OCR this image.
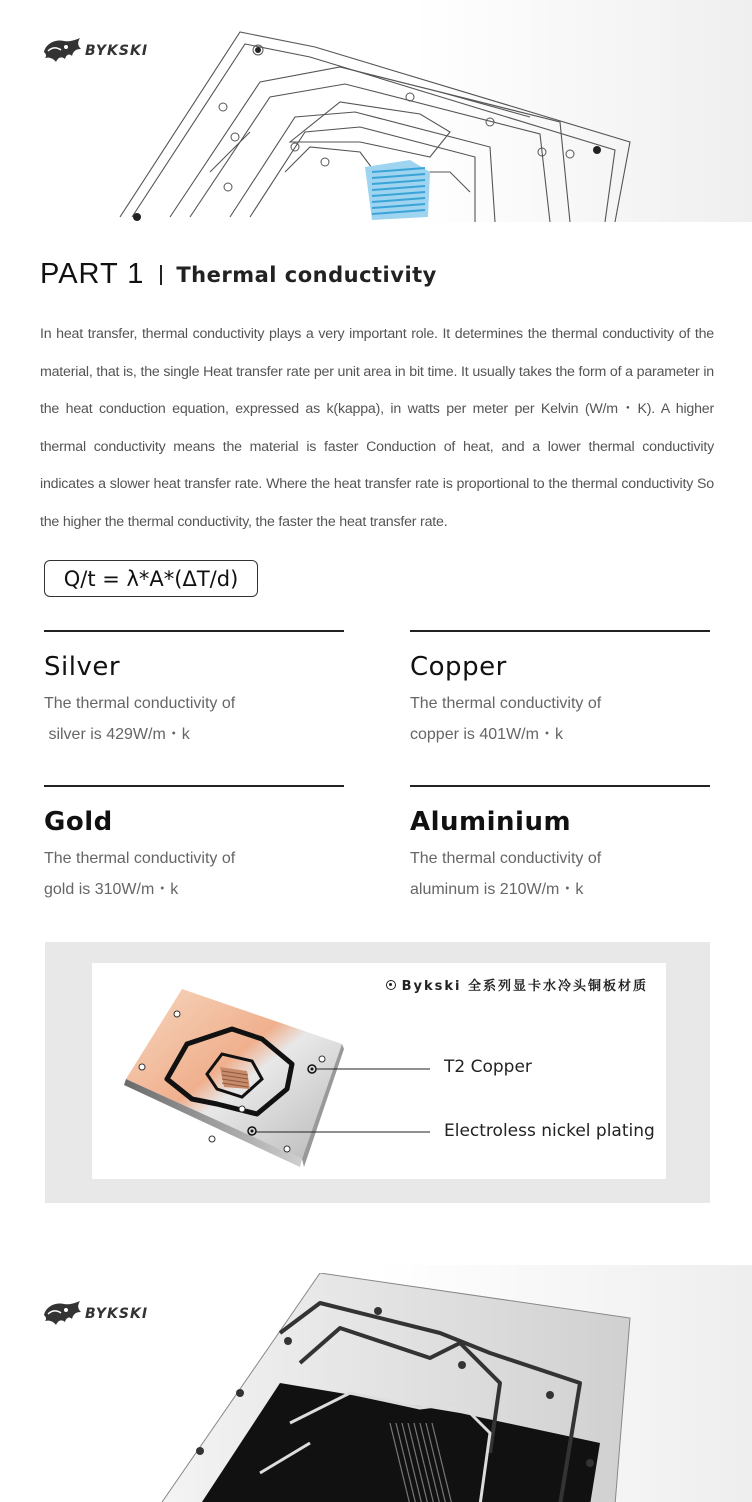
BYKSKI
PART 1 Thermal conductivity

In heat transfer, thermal conductivity plays a very important role. It determines the thermal conductivity of the material, that is, the single Heat transfer rate per unit area in bit time. It usually takes the form of a parameter in the heat conduction equation, expressed as k(kappa), in watts per meter per Kelvin (W/m・K). A higher thermal conductivity means the material is faster Conduction of heat, and a lower thermal conductivity indicates a slower heat transfer rate. Where the heat transfer rate is proportional to the thermal conductivity So the higher the thermal conductivity, the faster the heat transfer rate.

Q/t = λ*A*(ΔT/d)
Silver
The thermal conductivity of
silver is 429W/m・k
Copper
The thermal conductivity of
copper is 401W/m・k
Gold
The thermal conductivity of
gold is 310W/m・k
Aluminium
The thermal conductivity of
aluminum is 210W/m・k
Bykski 全系列显卡水冷头铜板材质
T2 Copper
Electroless nickel plating
BYKSKI
